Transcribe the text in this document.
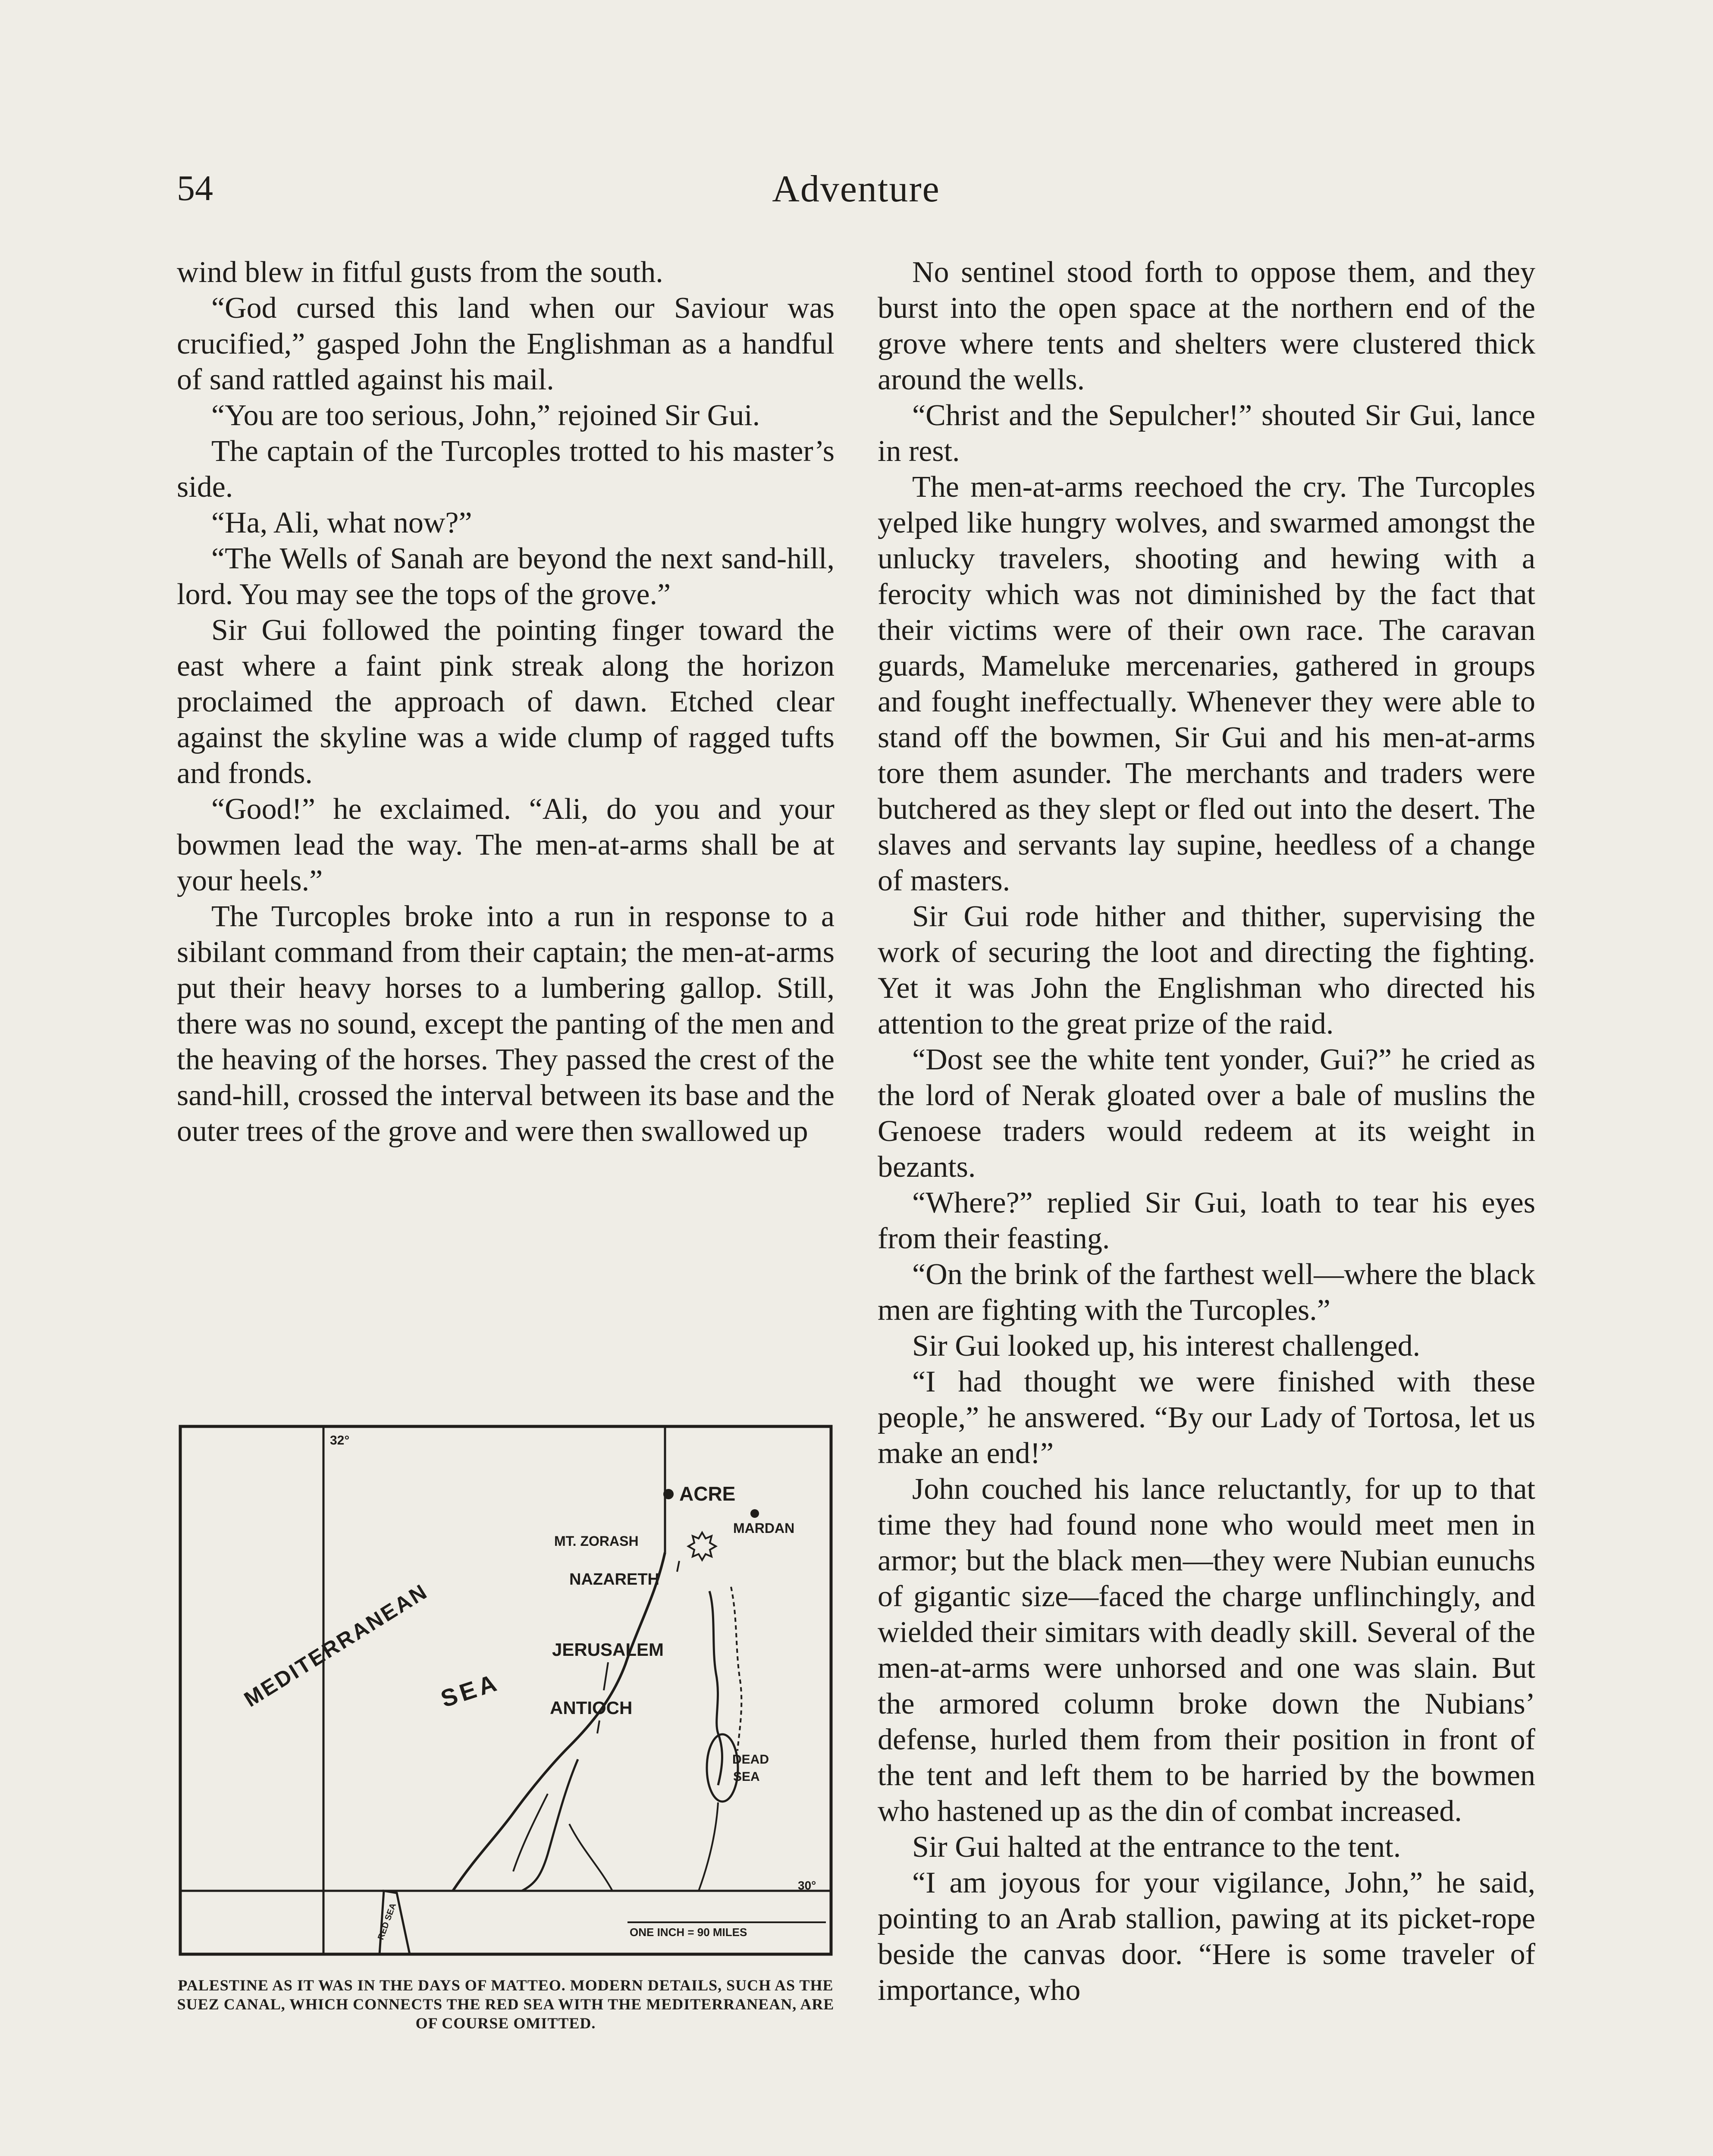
54	Adventure

wind blew in fitful gusts from the south.

“God cursed this land when our Saviour was crucified,” gasped John the Englishman as a handful of sand rattled against his mail.

“You are too serious, John,” rejoined Sir Gui.

The captain of the Turcoples trotted to his master’s side.

“Ha, Ali, what now?”

“The Wells of Sanah are beyond the next sand-hill, lord. You may see the tops of the grove.”

Sir Gui followed the pointing finger toward the east where a faint pink streak along the horizon proclaimed the approach of dawn. Etched clear against the skyline was a wide clump of ragged tufts and fronds.

“Good!” he exclaimed. “Ali, do you and your bowmen lead the way. The men-at-arms shall be at your heels.”

The Turcoples broke into a run in response to a sibilant command from their captain; the men-at-arms put their heavy horses to a lumbering gallop. Still, there was no sound, except the panting of the men and the heaving of the horses. They passed the crest of the sand-hill, crossed the interval between its base and the outer trees of the grove and were then swallowed up

32°
30°
MEDITERRANEAN SEA
ACRE
MARDAN
MT. ZORASH
NAZARETH
JERUSALEM
ANTIOCH
DEAD
SEA
RED SEA	ONE INCH = 90 MILES
PALESTINE AS IT WAS IN THE DAYS OF MATTEO. MODERN DETAILS, SUCH AS THE SUEZ CANAL, WHICH CONNECTS THE RED SEA WITH THE MEDITERRANEAN, ARE OF COURSE OMITTED.

No sentinel stood forth to oppose them, and they burst into the open space at the northern end of the grove where tents and shelters were clustered thick around the wells.

“Christ and the Sepulcher!” shouted Sir Gui, lance in rest.

The men-at-arms reechoed the cry. The Turcoples yelped like hungry wolves, and swarmed amongst the unlucky travelers, shooting and hewing with a ferocity which was not diminished by the fact that their victims were of their own race. The caravan guards, Mameluke mercenaries, gathered in groups and fought ineffectually. Whenever they were able to stand off the bowmen, Sir Gui and his men-at-arms tore them asunder. The merchants and traders were butchered as they slept or fled out into the desert. The slaves and servants lay supine, heedless of a change of masters.

Sir Gui rode hither and thither, supervising the work of securing the loot and directing the fighting. Yet it was John the Englishman who directed his attention to the great prize of the raid.

“Dost see the white tent yonder, Gui?” he cried as the lord of Nerak gloated over a bale of muslins the Genoese traders would redeem at its weight in bezants.

“Where?” replied Sir Gui, loath to tear his eyes from their feasting.

“On the brink of the farthest well—where the black men are fighting with the Turcoples.”

Sir Gui looked up, his interest challenged.

“I had thought we were finished with these people,” he answered. “By our Lady of Tortosa, let us make an end!”

John couched his lance reluctantly, for up to that time they had found none who would meet men in armor; but the black men—they were Nubian eunuchs of gigantic size—faced the charge unflinchingly, and wielded their simitars with deadly skill. Several of the men-at-arms were unhorsed and one was slain. But the armored column broke down the Nubians’ defense, hurled them from their position in front of the tent and left them to be harried by the bowmen who hastened up as the din of combat increased.

Sir Gui halted at the entrance to the tent.

“I am joyous for your vigilance, John,” he said, pointing to an Arab stallion, pawing at its picket-rope beside the canvas door. “Here is some traveler of importance, who
